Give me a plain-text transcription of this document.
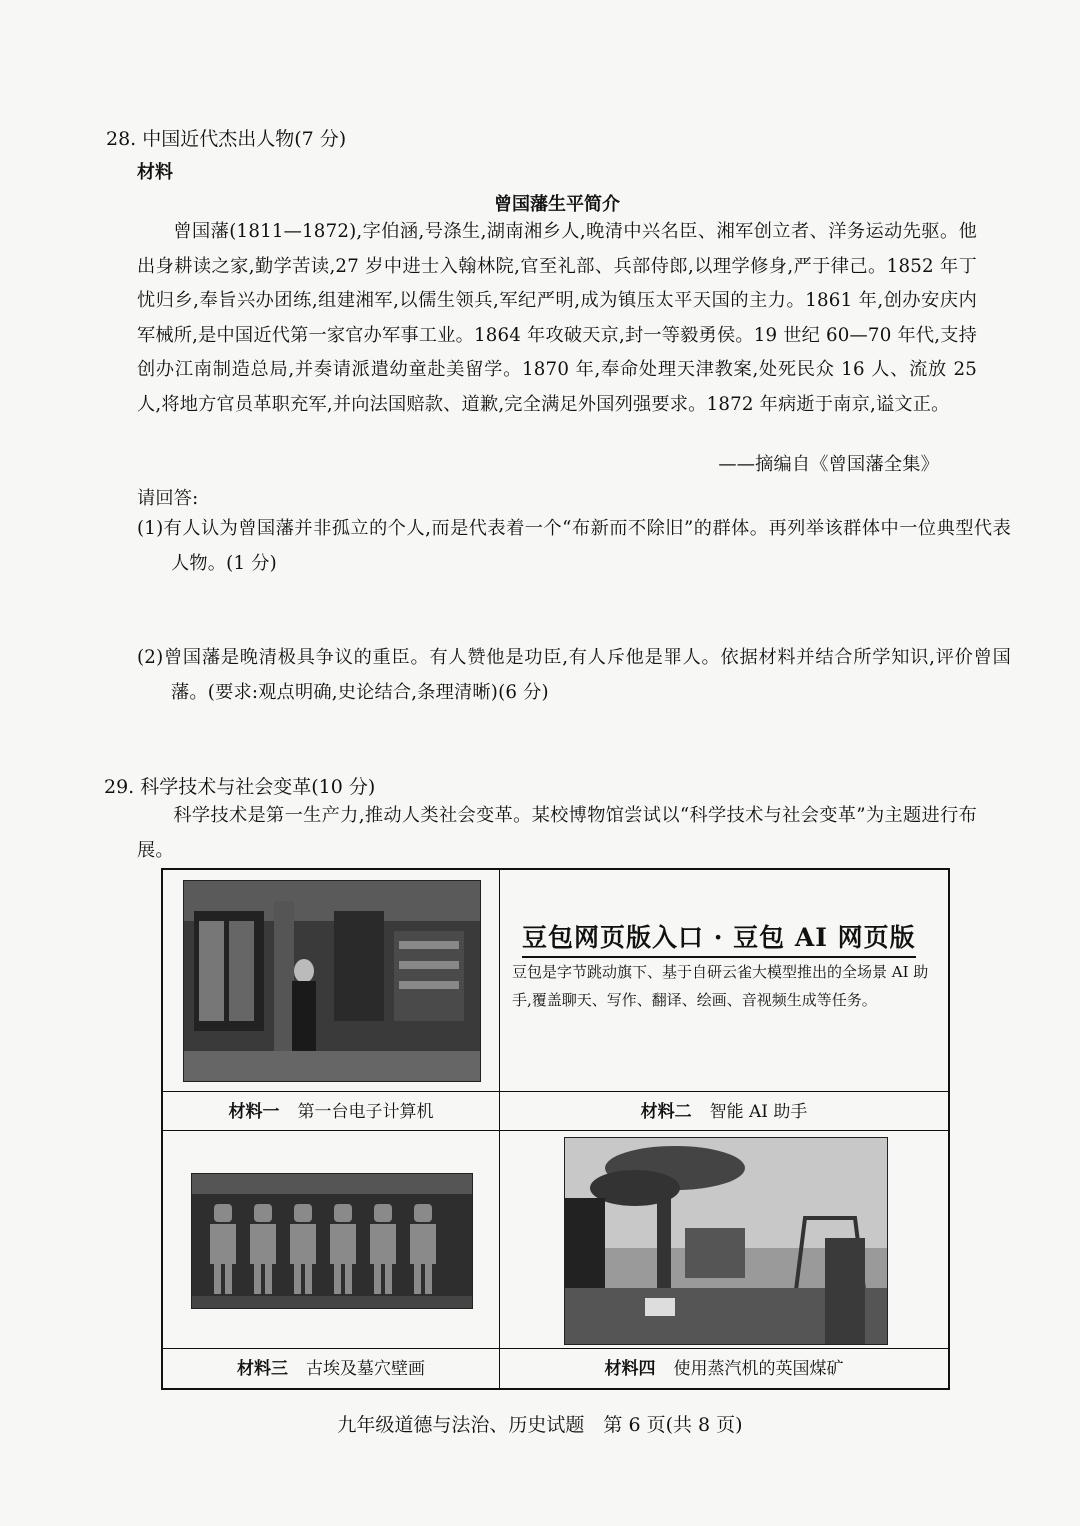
28. 中国近代杰出人物(7 分)
材料
曾国藩生平简介
曾国藩(1811—1872),字伯涵,号涤生,湖南湘乡人,晚清中兴名臣、湘军创立者、洋务运动先驱。他出身耕读之家,勤学苦读,27 岁中进士入翰林院,官至礼部、兵部侍郎,以理学修身,严于律己。1852 年丁忧归乡,奉旨兴办团练,组建湘军,以儒生领兵,军纪严明,成为镇压太平天国的主力。1861 年,创办安庆内军械所,是中国近代第一家官办军事工业。1864 年攻破天京,封一等毅勇侯。19 世纪 60—70 年代,支持创办江南制造总局,并奏请派遣幼童赴美留学。1870 年,奉命处理天津教案,处死民众 16 人、流放 25 人,将地方官员革职充军,并向法国赔款、道歉,完全满足外国列强要求。1872 年病逝于南京,谥文正。
——摘编自《曾国藩全集》
请回答:
(1)有人认为曾国藩并非孤立的个人,而是代表着一个“布新而不除旧”的群体。再列举该群体中一位典型代表人物。(1 分)
(2)曾国藩是晚清极具争议的重臣。有人赞他是功臣,有人斥他是罪人。依据材料并结合所学知识,评价曾国藩。(要求:观点明确,史论结合,条理清晰)(6 分)
29. 科学技术与社会变革(10 分)
科学技术是第一生产力,推动人类社会变革。某校博物馆尝试以“科学技术与社会变革”为主题进行布展。
材料一 第一台电子计算机
豆包网页版入口 · 豆包 AI 网页版
豆包是字节跳动旗下、基于自研云雀大模型推出的全场景 AI 助手,覆盖聊天、写作、翻译、绘画、音视频生成等任务。
材料二 智能 AI 助手
材料三 古埃及墓穴壁画	材料四 使用蒸汽机的英国煤矿
九年级道德与法治、历史试题　第 6 页(共 8 页)
